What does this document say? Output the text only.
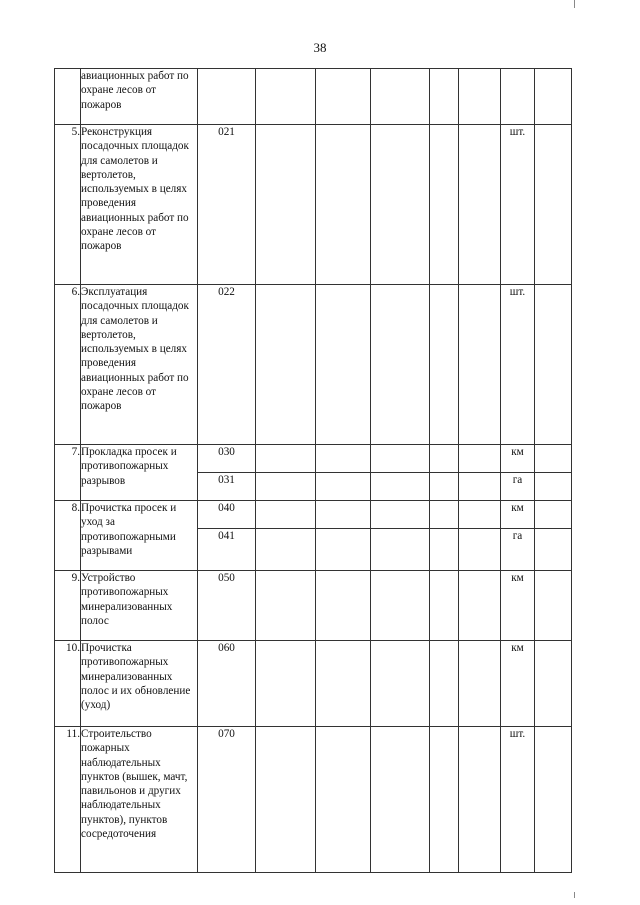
38
	авиационных работ по охране лесов от пожаров								
5.	Реконструкция посадочных площадок для самолетов и вертолетов, используемых в целях проведения авиационных работ по охране лесов от пожаров	021						шт.	
6.	Эксплуатация посадочных площадок для самолетов и вертолетов, используемых в целях проведения авиационных работ по охране лесов от пожаров	022						шт.	
7.	Прокладка просек и противопожарных разрывов	030						км	
		031						га	
8.	Прочистка просек и уход за противопожарными разрывами	040						км	
		041						га	
9.	Устройство противопожарных минерализованных полос	050						км	
10.	Прочистка противопожарных минерализованных полос и их обновление (уход)	060						км	
11.	Строительство пожарных наблюдательных пунктов (вышек, мачт, павильонов и других наблюдательных пунктов), пунктов сосредоточения	070						шт.	
